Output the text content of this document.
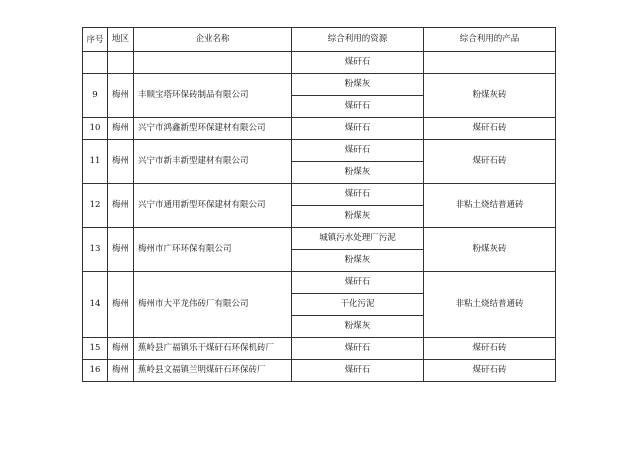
序号	地区	企业名称	综合利用的资源	综合利用的产品
			煤矸石	
9	梅州	丰顺宝塔环保砖制品有限公司	粉煤灰	粉煤灰砖
			煤矸石	
10	梅州	兴宁市鸿鑫新型环保建材有限公司	煤矸石	煤矸石砖
11	梅州	兴宁市新丰新型建材有限公司	煤矸石	煤矸石砖
			粉煤灰	
12	梅州	兴宁市通用新型环保建材有限公司	煤矸石	非粘土烧结普通砖
			粉煤灰	
13	梅州	梅州市广环环保有限公司	城镇污水处理厂污泥	粉煤灰砖
			粉煤灰	
14	梅州	梅州市大平龙伟砖厂有限公司	煤矸石	非粘土烧结普通砖
			干化污泥	
			粉煤灰	
15	梅州	蕉岭县广福镇乐干煤矸石环保机砖厂	煤矸石	煤矸石砖
16	梅州	蕉岭县文福镇兰明煤矸石环保砖厂	煤矸石	煤矸石砖
